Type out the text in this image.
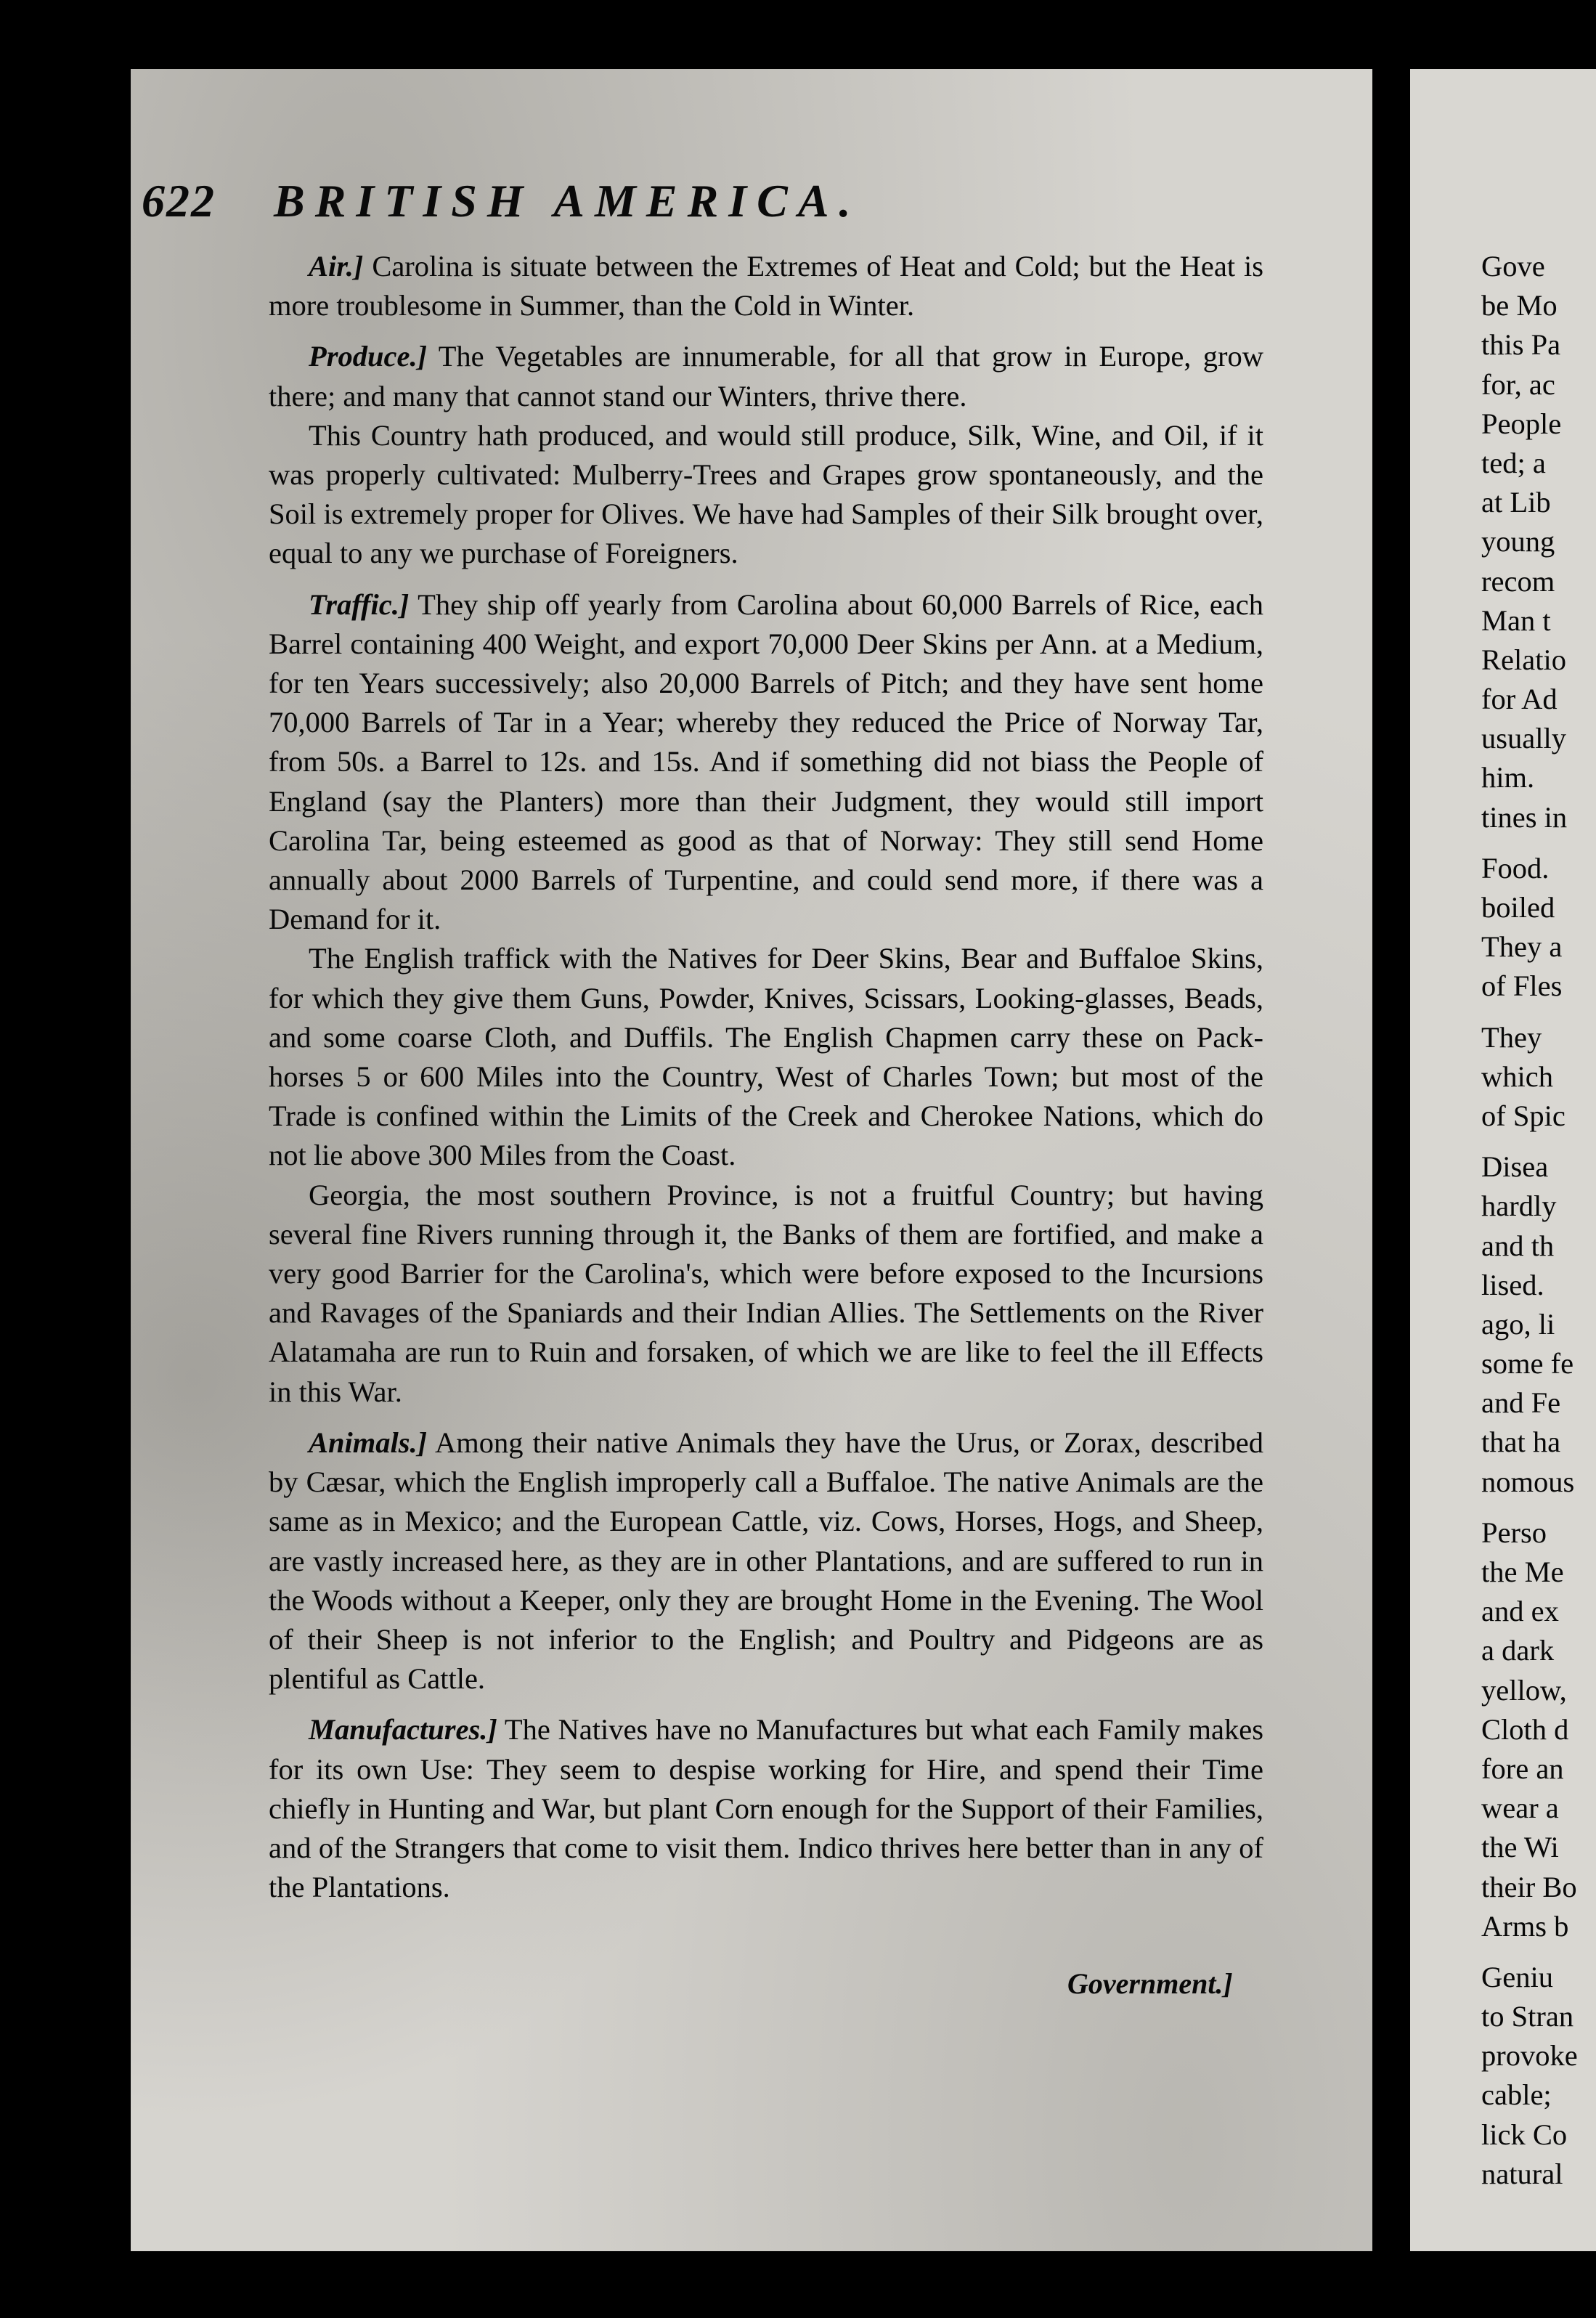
622 BRITISH AMERICA.

Air.] Carolina is situate between the Extremes of Heat and Cold; but the Heat is more troublesome in Summer, than the Cold in Winter.

Produce.] The Vegetables are innumerable, for all that grow in Europe, grow there; and many that cannot stand our Winters, thrive there.

This Country hath produced, and would still produce, Silk, Wine, and Oil, if it was properly cultivated: Mulberry-Trees and Grapes grow spontaneously, and the Soil is extremely proper for Olives. We have had Samples of their Silk brought over, equal to any we purchase of Foreigners.

Traffic.] They ship off yearly from Carolina about 60,000 Barrels of Rice, each Barrel containing 400 Weight, and export 70,000 Deer Skins per Ann. at a Medium, for ten Years successively; also 20,000 Barrels of Pitch; and they have sent home 70,000 Barrels of Tar in a Year; whereby they reduced the Price of Norway Tar, from 50s. a Barrel to 12s. and 15s. And if something did not biass the People of England (say the Planters) more than their Judgment, they would still import Carolina Tar, being esteemed as good as that of Norway: They still send Home annually about 2000 Barrels of Turpentine, and could send more, if there was a Demand for it.

The English traffick with the Natives for Deer Skins, Bear and Buffaloe Skins, for which they give them Guns, Powder, Knives, Scissars, Looking-glasses, Beads, and some coarse Cloth, and Duffils. The English Chapmen carry these on Pack-horses 5 or 600 Miles into the Country, West of Charles Town; but most of the Trade is confined within the Limits of the Creek and Cherokee Nations, which do not lie above 300 Miles from the Coast.

Georgia, the most southern Province, is not a fruitful Country; but having several fine Rivers running through it, the Banks of them are fortified, and make a very good Barrier for the Carolina's, which were before exposed to the Incursions and Ravages of the Spaniards and their Indian Allies. The Settlements on the River Alatamaha are run to Ruin and forsaken, of which we are like to feel the ill Effects in this War.

Animals.] Among their native Animals they have the Urus, or Zorax, described by Cæsar, which the English improperly call a Buffaloe. The native Animals are the same as in Mexico; and the European Cattle, viz. Cows, Horses, Hogs, and Sheep, are vastly increased here, as they are in other Plantations, and are suffered to run in the Woods without a Keeper, only they are brought Home in the Evening. The Wool of their Sheep is not inferior to the English; and Poultry and Pidgeons are as plentiful as Cattle.

Manufactures.] The Natives have no Manufactures but what each Family makes for its own Use: They seem to despise working for Hire, and spend their Time chiefly in Hunting and War, but plant Corn enough for the Support of their Families, and of the Strangers that come to visit them. Indico thrives here better than in any of the Plantations.

Government.]
Gove
be Mo
this Pa
for, ac
People
ted; a
at Lib
young
recom
Man t
Relatio
for Ad
usually
him.
tines in
Food.
boiled
They a
of Fles
They
which
of Spic
Disea
hardly
and th
lised.
ago, li
some fe
and Fe
that ha
nomous
Perso
the Me
and ex
a dark
yellow,
Cloth d
fore an
wear a
the Wi
their Bo
Arms b
Geniu
to Stran
provoke
cable;
lick Co
natural
